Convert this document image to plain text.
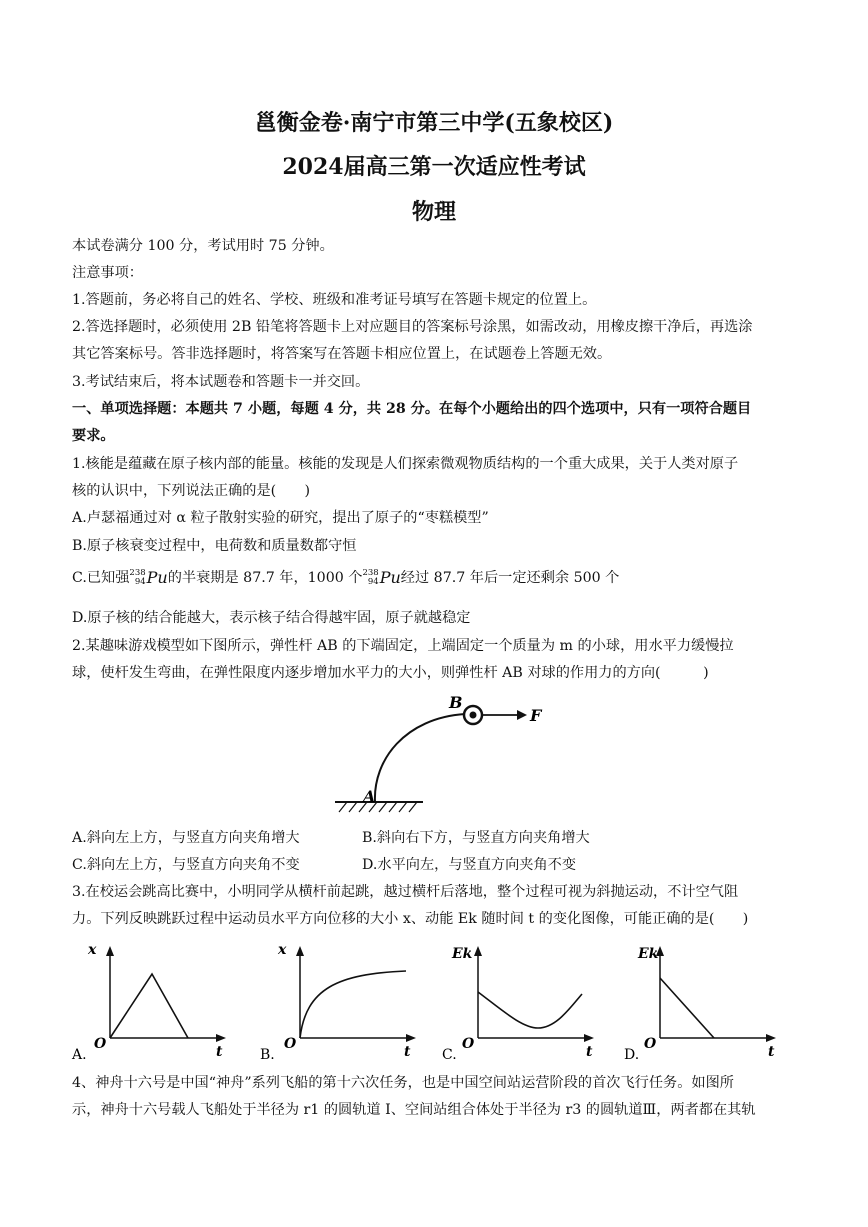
邕衡金卷·南宁市第三中学(五象校区)
2024届高三第一次适应性考试
物理
本试卷满分 100 分，考试用时 75 分钟。
注意事项：
1.答题前，务必将自己的姓名、学校、班级和准考证号填写在答题卡规定的位置上。
2.答选择题时，必须使用 2B 铅笔将答题卡上对应题目的答案标号涂黑，如需改动，用橡皮擦干净后，再选涂
其它答案标号。答非选择题时，将答案写在答题卡相应位置上，在试题卷上答题无效。
3.考试结束后，将本试题卷和答题卡一并交回。
一、单项选择题：本题共 7 小题，每题 4 分，共 28 分。在每个小题给出的四个选项中，只有一项符合题目
要求。
1.核能是蕴藏在原子核内部的能量。核能的发现是人们探索微观物质结构的一个重大成果，关于人类对原子
核的认识中，下列说法正确的是(　　)
A.卢瑟福通过对 α 粒子散射实验的研究，提出了原子的“枣糕模型”
B.原子核衰变过程中，电荷数和质量数都守恒
C.已知强 238
94 Pu 的半衰期是 87.7 年，1000 个 238
94 Pu 经过 87.7 年后一定还剩余 500 个
D.原子核的结合能越大，表示核子结合得越牢固，原子就越稳定
2.某趣味游戏模型如下图所示，弹性杆 AB 的下端固定，上端固定一个质量为 m 的小球，用水平力缓慢拉
球，使杆发生弯曲，在弹性限度内逐步增加水平力的大小，则弹性杆 AB 对球的作用力的方向(　　　)
A
B
F
A.斜向左上方，与竖直方向夹角增大	B.斜向右下方，与竖直方向夹角增大
C.斜向左上方，与竖直方向夹角不变	D.水平向左，与竖直方向夹角不变
3.在校运会跳高比赛中，小明同学从横杆前起跳，越过横杆后落地，整个过程可视为斜抛运动，不计空气阻
力。下列反映跳跃过程中运动员水平方向位移的大小 x、动能 Ek 随时间 t 的变化图像，可能正确的是(　　)
x
O	t
A.
x
O	t
B.
Ek
O	t
C.
Ek
O	t
D.
4、神舟十六号是中国“神舟”系列飞船的第十六次任务，也是中国空间站运营阶段的首次飞行任务。如图所
示，神舟十六号载人飞船处于半径为 r1 的圆轨道 Ⅰ、空间站组合体处于半径为 r3 的圆轨道Ⅲ，两者都在其轨
